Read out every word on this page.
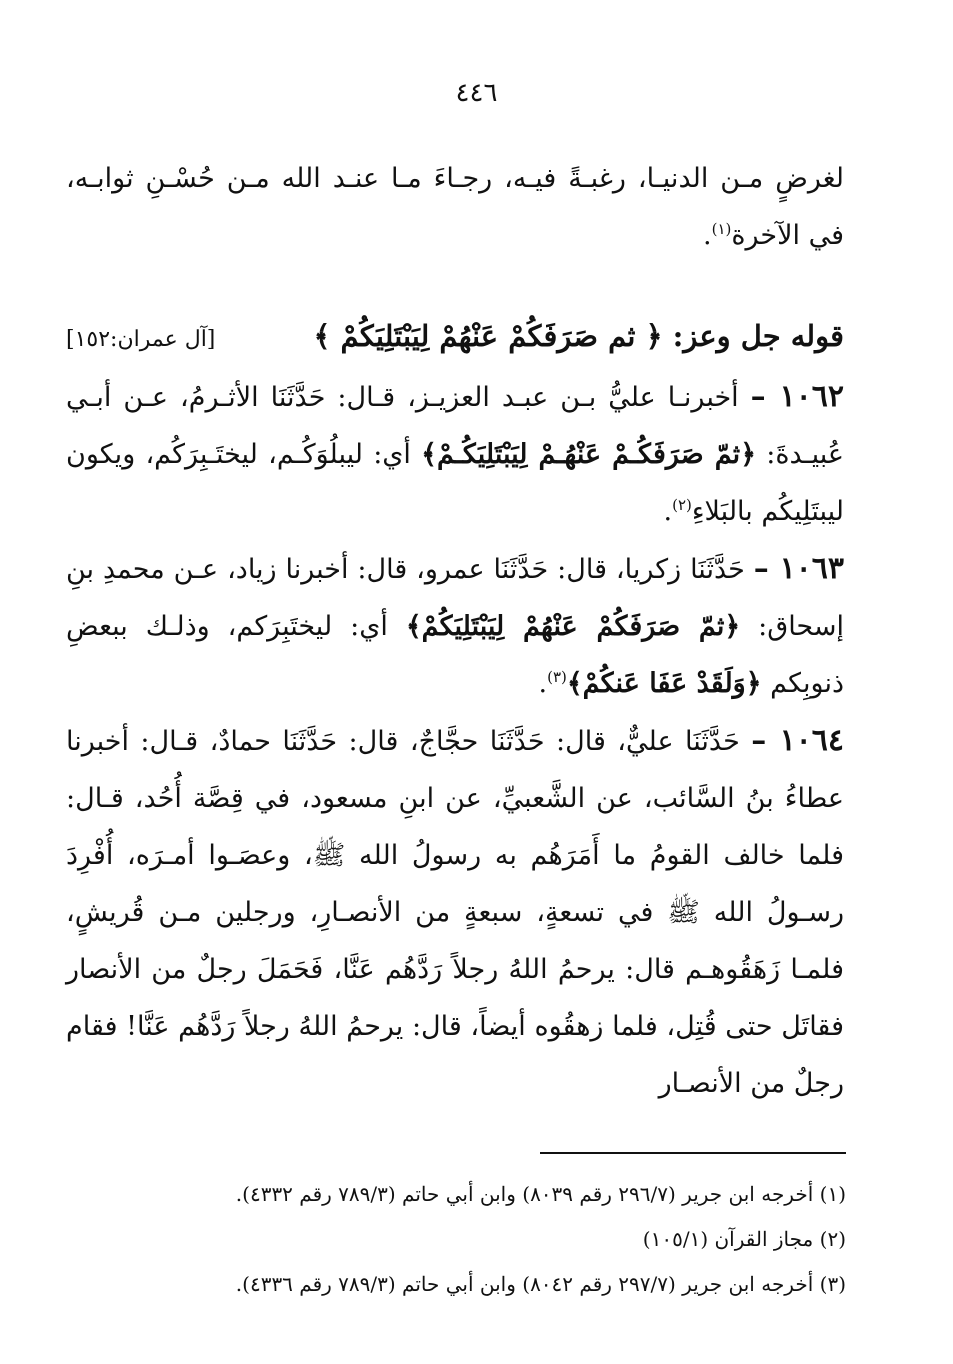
٤٤٦

لغرضٍ مـن الدنيـا، رغبـةً فيـه، رجـاءَ مـا عنـد الله مـن حُسْـنِ ثوابـه، في الآخرة$^{(١)}$.

قوله جل وعز: ﴿ ثم صَرَفَكُمْ عَنْهُمْ لِيَبْتَلِيَكُمْ ﴾
[آل عمران:١٥٢]

١٠٦٢ – أخبرنـا عليُّ بـن عبـد العزيـز، قـال: حَدَّثَنَا الأثـرمُ، عـن أبـي عُبيـدةَ: ﴿ثمّ صَرَفَكُـمْ عَنْهُـمْ لِيَبْتَلِيَكُـمْ﴾ أي: ليبلُوَكُـم، ليختَـبِرَكُم، ويكون ليبتَلِيكُم بالبَلاءِ$^{(٢)}$.

١٠٦٣ – حَدَّثَنَا زكريا، قال: حَدَّثَنَا عمرو، قال: أخبرنا زياد، عـن محمدِ بنِ إسحاق: ﴿ثمّ صَرَفَكُمْ عَنْهُمْ لِيَبْتَلِيَكُمْ﴾ أي: ليختَبِرَكم، وذلـك ببعضِ ذنوبِكم ﴿وَلَقَدْ عَفَا عَنكُمْ﴾$^{(٣)}$.

١٠٦٤ – حَدَّثَنَا عليٌّ، قال: حَدَّثَنَا حجَّاجٌ، قال: حَدَّثَنَا حمادٌ، قـال: أخبرنا عطاءُ بنُ السَّائب، عن الشَّعبيِّ، عن ابنِ مسعود، في قِصَّة أُحُد، قـال: فلما خالف القومُ ما أَمَرَهُم به رسولُ الله ﷺ، وعصَـوا أمـرَه، أُفْرِدَ رسـولُ الله ﷺ في تسعةٍ، سبعةٍ من الأنصـارِ، ورجلين مـن قُريشٍ، فلمـا زَهَقُوهـم قال: يرحمُ اللهُ رجلاً رَدَّهُم عَنَّا، فَحَمَلَ رجلٌ من الأنصار فقاتَل حتى قُتِل، فلما زهقُوه أيضاً، قال: يرحمُ اللهُ رجلاً رَدَّهُم عَنَّا! فقام رجلٌ من الأنصـار

(١) أخرجه ابن جرير (٢٩٦/٧ رقم ٨٠٣٩) وابن أبي حاتم (٧٨٩/٣ رقم ٤٣٣٢).

(٢) مجاز القرآن (١٠٥/١)

(٣) أخرجه ابن جرير (٢٩٧/٧ رقم ٨٠٤٢) وابن أبي حاتم (٧٨٩/٣ رقم ٤٣٣٦).
